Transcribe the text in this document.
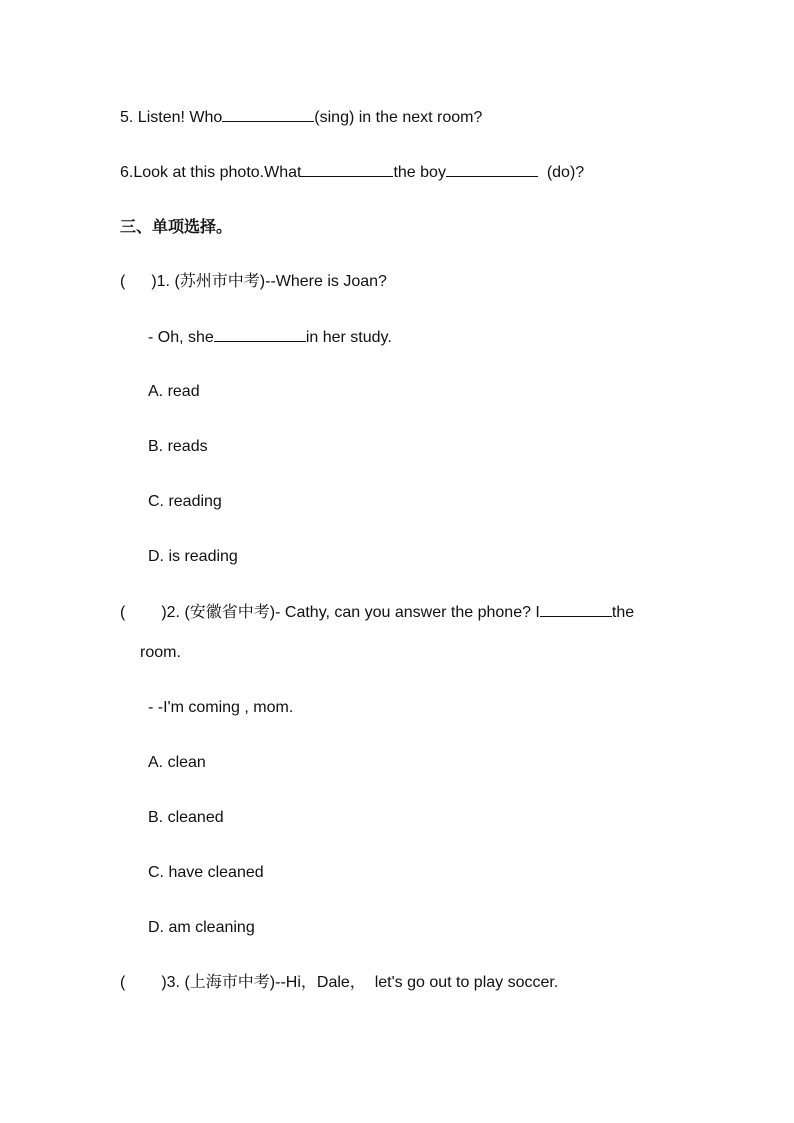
5. Listen! Who	(sing) in the next room?
6.Look at this photo.What	the boy	(do)?
三、单项选择。
( )1. (苏州市中考)--Where is Joan?
- Oh, she	in her study.
A. read
B. reads
C. reading
D. is reading
( )2. (安徽省中考)- Cathy, can you answer the phone? I	the
room.
- -I'm coming , mom.
A. clean
B. cleaned
C. have cleaned
D. am cleaning
( )3. (上海市中考)--Hi，Dale，  let's go out to play soccer.
